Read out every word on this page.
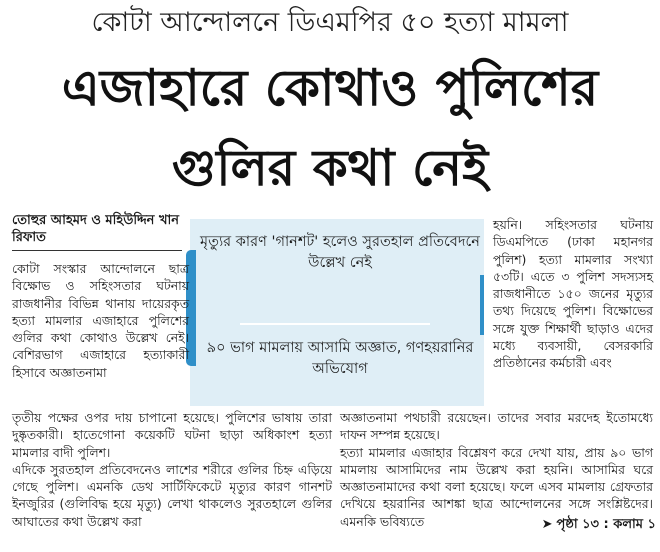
কোটা আন্দোলনে ডিএমপির ৫০ হত্যা মামলা
এজাহারে কোথাও পুলিশের
গুলির কথা নেই
তোহুর আহমদ ও মহিউদ্দিন খান রিফাত	মৃত্যুর কারণ 'গানশট' হলেও সুরতহাল প্রতিবেদনে উল্লেখ নেই
৯০ ভাগ মামলায় আসামি অজ্ঞাত, গণহয়রানির অভিযোগ

কোটা সংস্কার আন্দোলনে ছাত্র বিক্ষোভ ও সহিংসতার ঘটনায় রাজধানীর বিভিন্ন থানায় দায়েরকৃত হত্যা মামলার এজাহারে পুলিশের গুলির কথা কোথাও উল্লেখ নেই। বেশিরভাগ এজাহারে হত্যাকারী হিসাবে অজ্ঞাতনামা

হয়নি। সহিংসতার ঘটনায় ডিএমপিতে (ঢাকা মহানগর পুলিশ) হত্যা মামলার সংখ্যা ৫৩টি। এতে ৩ পুলিশ সদস্যসহ রাজধানীতে ১৫০ জনের মৃত্যুর তথ্য দিয়েছে পুলিশ। বিক্ষোভের সঙ্গে যুক্ত শিক্ষার্থী ছাড়াও এদের মধ্যে ব্যবসায়ী, বেসরকারি প্রতিষ্ঠানের কর্মচারী এবং

তৃতীয় পক্ষের ওপর দায় চাপানো হয়েছে। পুলিশের ভাষায় তারা দুষ্কৃতকারী। হাতেগোনা কয়েকটি ঘটনা ছাড়া অধিকাংশ হত্যা মামলার বাদী পুলিশ।

এদিকে সুরতহাল প্রতিবেদনেও লাশের শরীরে গুলির চিহ্ন এড়িয়ে গেছে পুলিশ। এমনকি ডেথ সার্টিফিকেটে মৃত্যুর কারণ গানশট ইনজুরির (গুলিবিদ্ধ হয়ে মৃত্যু) লেখা থাকলেও সুরতহালে গুলির আঘাতের কথা উল্লেখ করা

অজ্ঞাতনামা পথচারী রয়েছেন। তাদের সবার মরদেহ ইতোমধ্যে দাফন সম্পন্ন হয়েছে।

হত্যা মামলার এজাহার বিশ্লেষণ করে দেখা যায়, প্রায় ৯০ ভাগ মামলায় আসামিদের নাম উল্লেখ করা হয়নি। আসামির ঘরে অজ্ঞাতনামাদের কথা বলা হয়েছে। ফলে এসব মামলায় গ্রেফতার দেখিয়ে হয়রানির আশঙ্কা ছাত্র আন্দোলনের সঙ্গে সংশ্লিষ্টদের। এমনকি ভবিষ্যতে	➤ পৃষ্ঠা ১৩ : কলাম ১
